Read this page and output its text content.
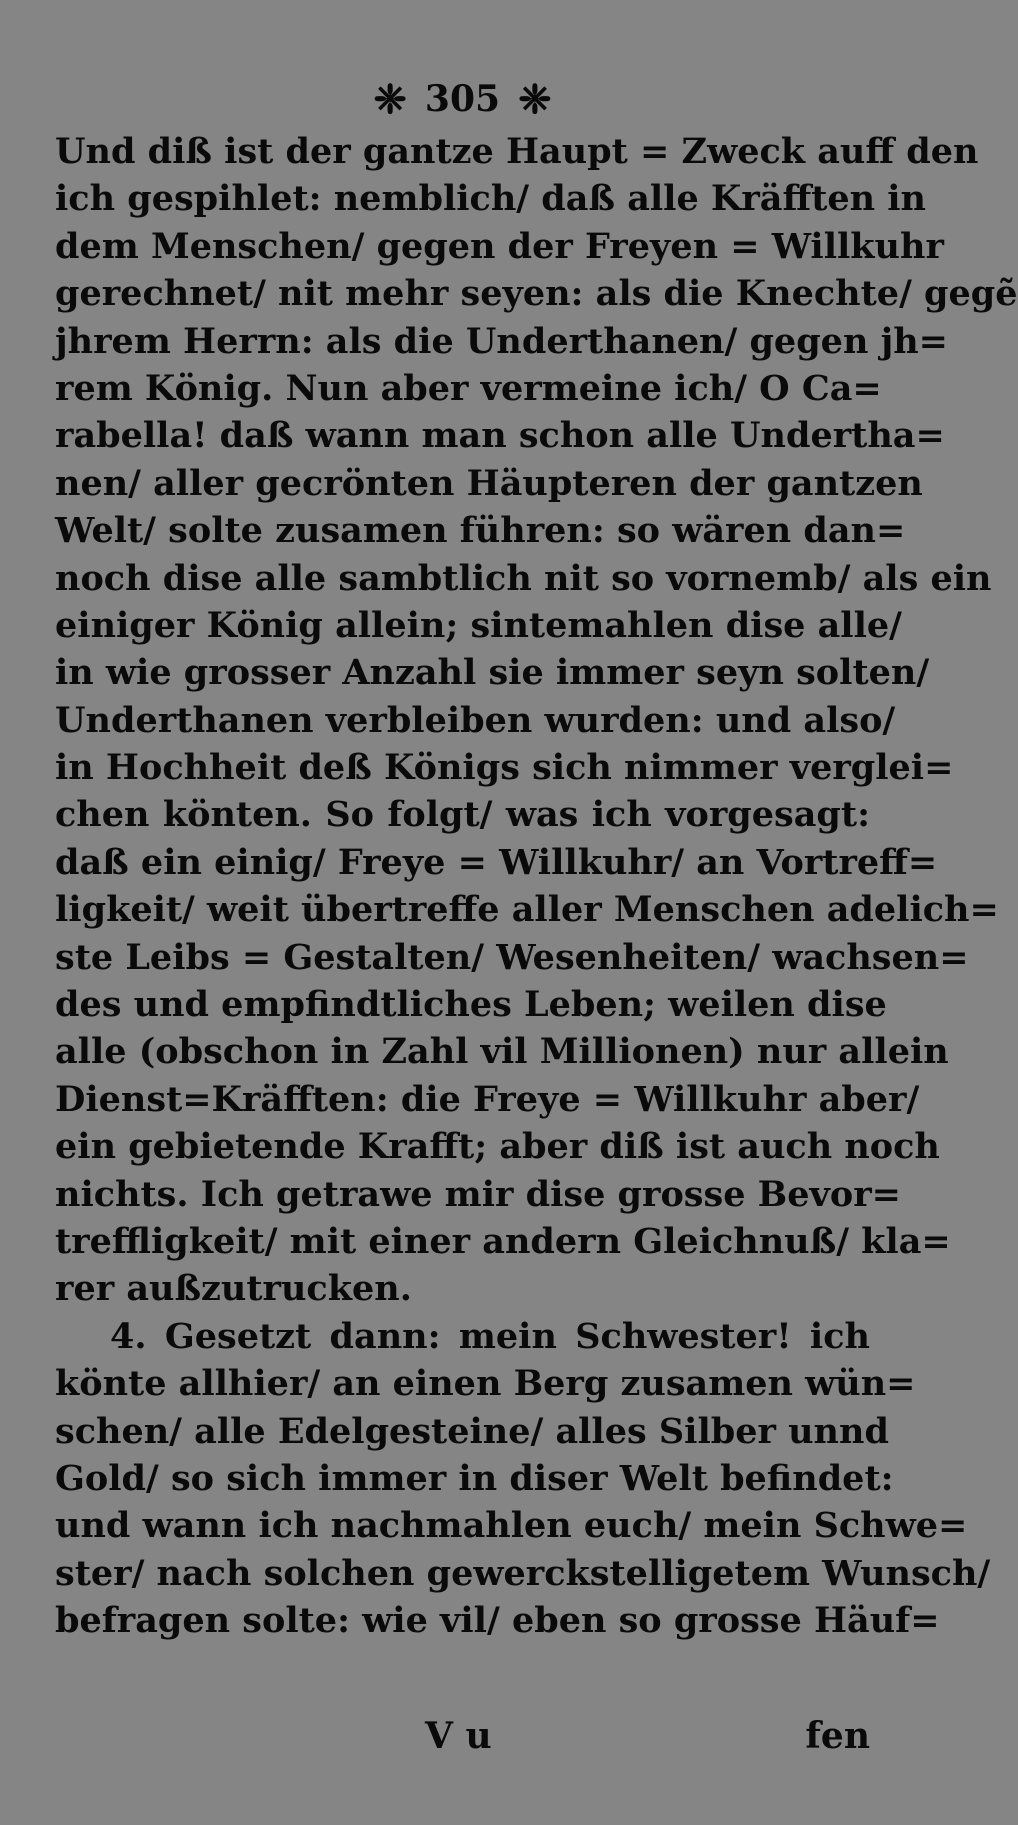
❈ 305 ❈
Und diß ist der gantze Haupt = Zweck auff den
ich gespihlet: nemblich/ daß alle Kräfften in
dem Menschen/ gegen der Freyen = Willkuhr
gerechnet/ nit mehr seyen: als die Knechte/ gegẽ
jhrem Herrn: als die Underthanen/ gegen jh=
rem König. Nun aber vermeine ich/ O Ca=
rabella! daß wann man schon alle Undertha=
nen/ aller gecrönten Häupteren der gantzen
Welt/ solte zusamen führen: so wären dan=
noch dise alle sambtlich nit so vornemb/ als ein
einiger König allein; sintemahlen dise alle/
in wie grosser Anzahl sie immer seyn solten/
Underthanen verbleiben wurden: und also/
in Hochheit deß Königs sich nimmer verglei=
chen könten. So folgt/ was ich vorgesagt:
daß ein einig/ Freye = Willkuhr/ an Vortreff=
ligkeit/ weit übertreffe aller Menschen adelich=
ste Leibs = Gestalten/ Wesenheiten/ wachsen=
des und empfindtliches Leben; weilen dise
alle (obschon in Zahl vil Millionen) nur allein
Dienst=Kräfften: die Freye = Willkuhr aber/
ein gebietende Krafft; aber diß ist auch noch
nichts. Ich getrawe mir dise grosse Bevor=
treffligkeit/ mit einer andern Gleichnuß/ kla=
rer außzutrucken.
4. Gesetzt dann: mein Schwester! ich
könte allhier/ an einen Berg zusamen wün=
schen/ alle Edelgesteine/ alles Silber unnd
Gold/ so sich immer in diser Welt befindet:
und wann ich nachmahlen euch/ mein Schwe=
ster/ nach solchen gewerckstelligetem Wunsch/
befragen solte: wie vil/ eben so grosse Häuf=
V u	fen
